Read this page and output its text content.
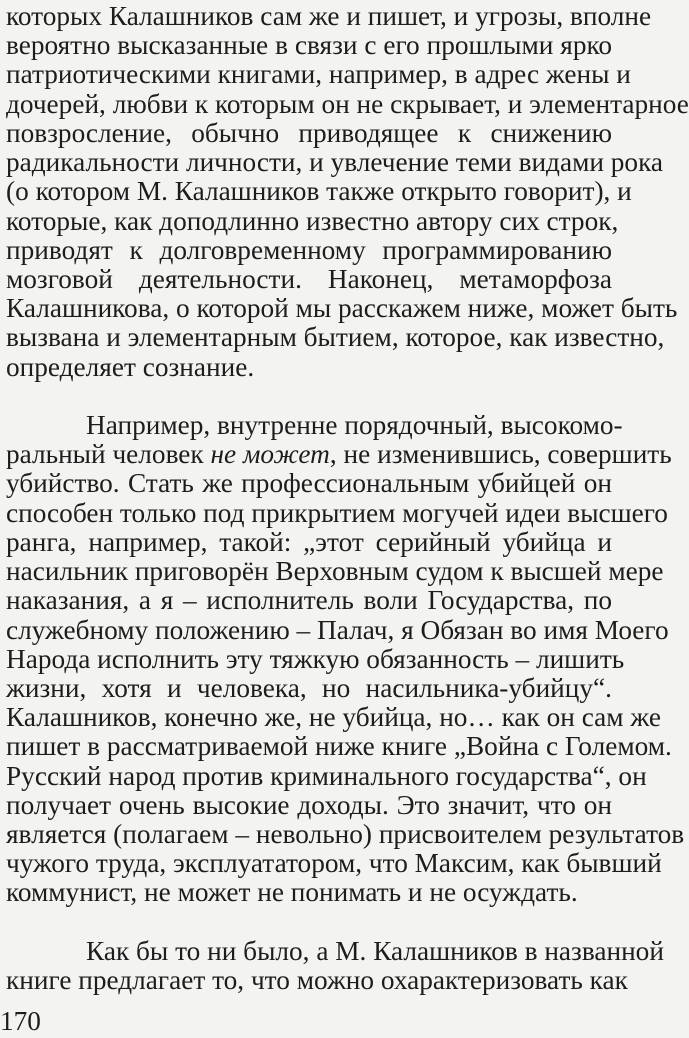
которых Калашников сам же и пишет, и угрозы, вполне
вероятно высказанные в связи с его прошлыми ярко
патриотическими книгами, например, в адрес жены и
дочерей, любви к которым он не скрывает, и элементарное
повзросление, обычно приводящее к снижению
радикальности личности, и увлечение теми видами рока
(о котором М. Калашников также открыто говорит), и
которые, как доподлинно известно автору сих строк,
приводят к долговременному программированию
мозговой деятельности. Наконец, метаморфоза
Калашникова, о которой мы расскажем ниже, может быть
вызвана и элементарным бытием, которое, как известно,
определяет сознание.
Например, внутренне порядочный, высокомо-
ральный человек не может, не изменившись, совершить
убийство. Стать же профессиональным убийцей он
способен только под прикрытием могучей идеи высшего
ранга, например, такой: „этот серийный убийца и
насильник приговорён Верховным судом к высшей мере
наказания, а я – исполнитель воли Государства, по
служебному положению – Палач, я Обязан во имя Моего
Народа исполнить эту тяжкую обязанность – лишить
жизни, хотя и человека, но насильника-убийцу“.
Калашников, конечно же, не убийца, но… как он сам же
пишет в рассматриваемой ниже книге „Война с Големом.
Русский народ против криминального государства“, он
получает очень высокие доходы. Это значит, что он
является (полагаем – невольно) присвоителем результатов
чужого труда, эксплуататором, что Максим, как бывший
коммунист, не может не понимать и не осуждать.
Как бы то ни было, а М. Калашников в названной
книге предлагает то, что можно охарактеризовать как
170
